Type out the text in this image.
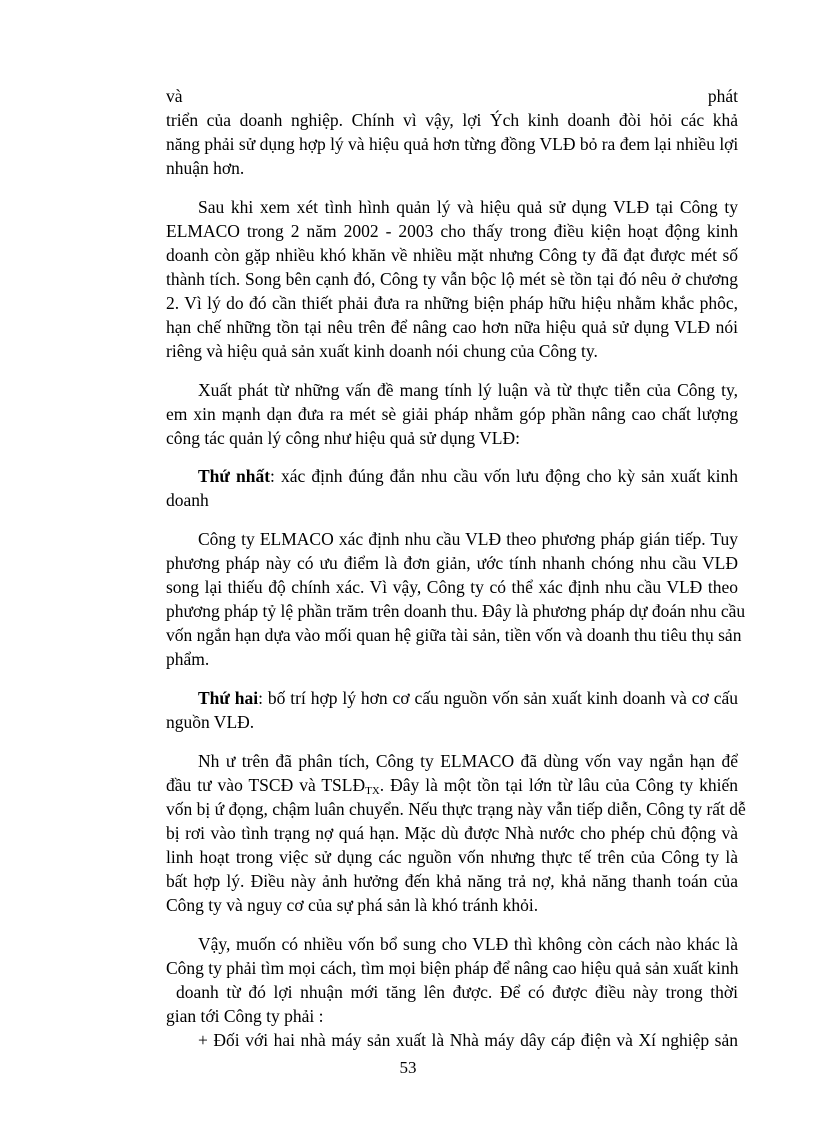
và	phát
triển của doanh nghiệp. Chính vì vậy, lợi Ých kinh doanh đòi hỏi các khả
năng phải sử dụng hợp lý và hiệu quả hơn từng đồng VLĐ bỏ ra đem lại nhiều lợi
nhuận hơn.
Sau khi xem xét tình hình quản lý và hiệu quả sử dụng VLĐ tại Công ty
ELMACO trong 2 năm 2002 - 2003 cho thấy trong điều kiện hoạt động kinh
doanh còn gặp nhiều khó khăn về nhiều mặt nhưng Công ty đã đạt được mét số
thành tích. Song bên cạnh đó, Công ty vẫn bộc lộ mét sè tồn tại đó nêu ở chương
2. Vì lý do đó cần thiết phải đưa ra những biện pháp hữu hiệu nhằm khắc phôc,
hạn chế những tồn tại nêu trên để nâng cao hơn nữa hiệu quả sử dụng VLĐ nói
riêng và hiệu quả sản xuất kinh doanh nói chung của Công ty.
Xuất phát từ những vấn đề mang tính lý luận và từ thực tiễn của Công ty,
em xin mạnh dạn đưa ra mét sè giải pháp nhằm góp phần nâng cao chất lượng
công tác quản lý công như hiệu quả sử dụng VLĐ:
Thứ nhất: xác định đúng đắn nhu cầu vốn lưu động cho kỳ sản xuất kinh
doanh
Công ty ELMACO xác định nhu cầu VLĐ theo phương pháp gián tiếp. Tuy
phương pháp này có ưu điểm là đơn giản, ước tính nhanh chóng nhu cầu VLĐ
song lại thiếu độ chính xác. Vì vậy, Công ty có thể xác định nhu cầu VLĐ theo
phương pháp tỷ lệ phần trăm trên doanh thu. Đây là phương pháp dự đoán nhu cầu
vốn ngắn hạn dựa vào mối quan hệ giữa tài sản, tiền vốn và doanh thu tiêu thụ sản
phẩm.
Thứ hai: bố trí hợp lý hơn cơ cấu nguồn vốn sản xuất kinh doanh và cơ cấu
nguồn VLĐ.
Nh ư trên đã phân tích, Công ty ELMACO đã dùng vốn vay ngắn hạn để
đầu tư vào TSCĐ và $TSLĐ_{TX}$. Đây là một tồn tại lớn từ lâu của Công ty khiến
vốn bị ứ đọng, chậm luân chuyển. Nếu thực trạng này vẫn tiếp diễn, Công ty rất dễ
bị rơi vào tình trạng nợ quá hạn. Mặc dù được Nhà nước cho phép chủ động và
linh hoạt trong việc sử dụng các nguồn vốn nhưng thực tế trên của Công ty là
bất hợp lý. Điều này ảnh hưởng đến khả năng trả nợ, khả năng thanh toán của
Công ty và nguy cơ của sự phá sản là khó tránh khỏi.
Vậy, muốn có nhiều vốn bổ sung cho VLĐ thì không còn cách nào khác là
Công ty phải tìm mọi cách, tìm mọi biện pháp để nâng cao hiệu quả sản xuất kinh
doanh từ đó lợi nhuận mới tăng lên được. Để có được điều này trong thời
gian tới Công ty phải :
+ Đối với hai nhà máy sản xuất là Nhà máy dây cáp điện và Xí nghiệp sản
53
